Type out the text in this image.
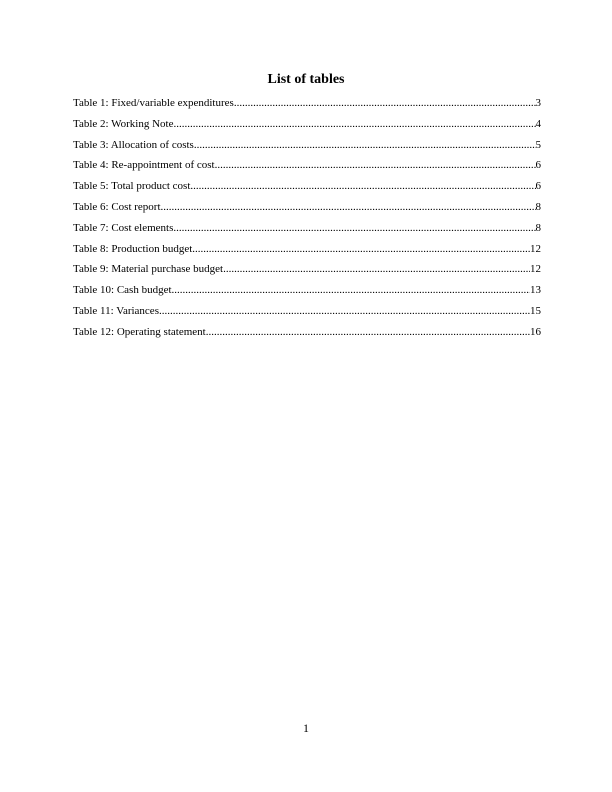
List of tables
Table 1: Fixed/variable expenditures .....	3
Table 2: Working Note .....	4
Table 3: Allocation of costs .....	5
Table 4: Re-appointment of cost .....	6
Table 5: Total product cost .....	6
Table 6: Cost report .....	8
Table 7: Cost elements .....	8
Table 8: Production budget .....	12
Table 9: Material purchase budget .....	12
Table 10: Cash budget .....	13
Table 11: Variances .....	15
Table 12: Operating statement .....	16
1
